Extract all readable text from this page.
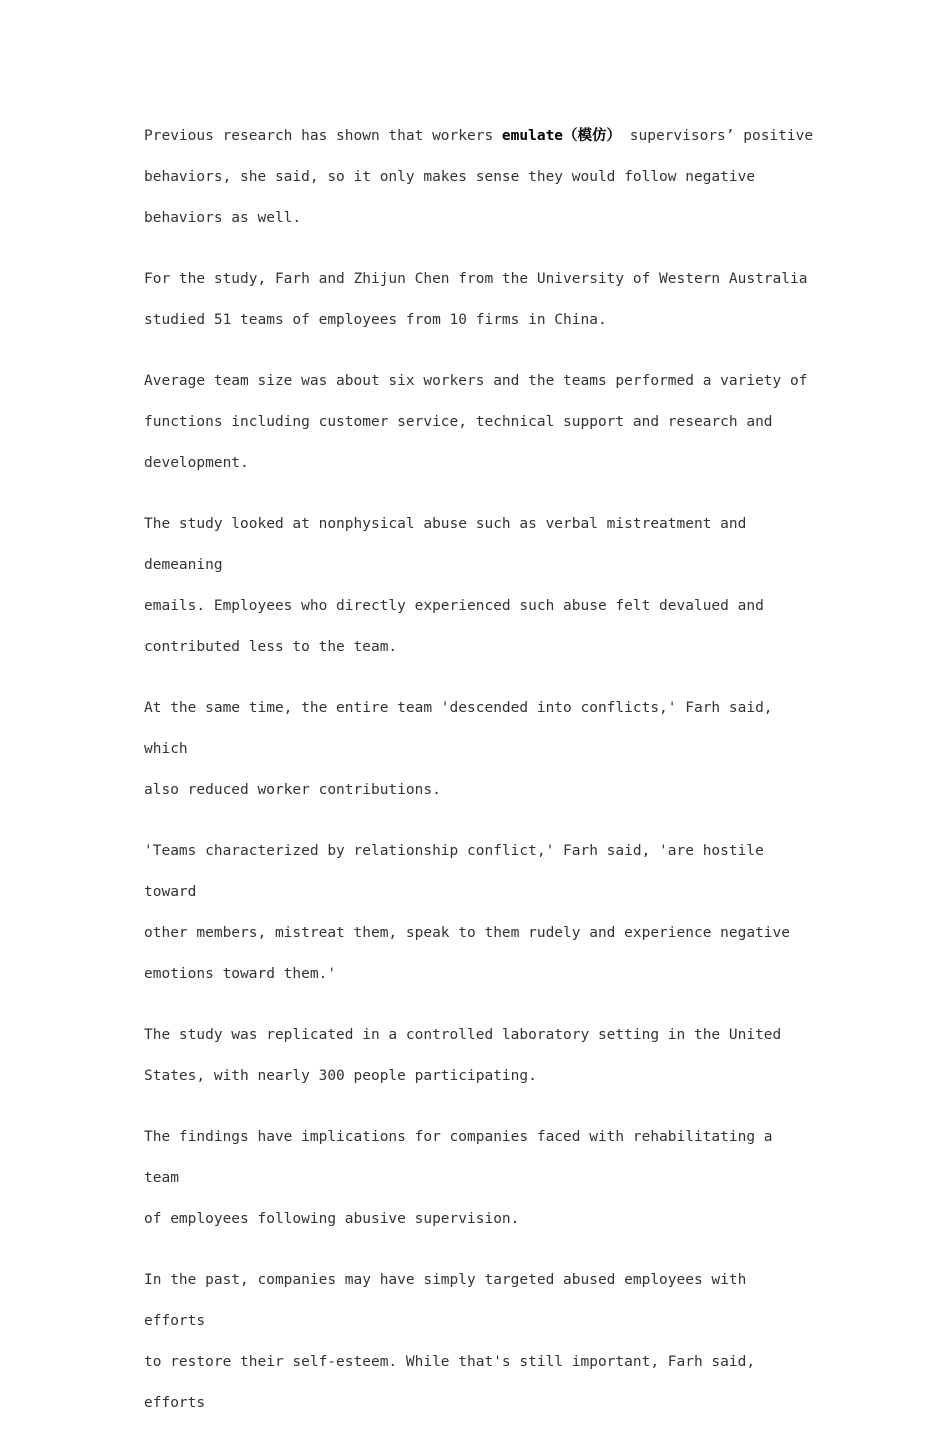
Previous research has shown that workers emulate（模仿） supervisors’ positive
behaviors, she said, so it only makes sense they would follow negative
behaviors as well.

For the study, Farh and Zhijun Chen from the University of Western Australia
studied 51 teams of employees from 10 firms in China.

Average team size was about six workers and the teams performed a variety of
functions including customer service, technical support and research and
development.

The study looked at nonphysical abuse such as verbal mistreatment and demeaning
emails. Employees who directly experienced such abuse felt devalued and
contributed less to the team.

At the same time, the entire team 'descended into conflicts,' Farh said, which
also reduced worker contributions.

'Teams characterized by relationship conflict,' Farh said, 'are hostile toward
other members, mistreat them, speak to them rudely and experience negative
emotions toward them.'

The study was replicated in a controlled laboratory setting in the United
States, with nearly 300 people participating.

The findings have implications for companies faced with rehabilitating a team
of employees following abusive supervision.

In the past, companies may have simply targeted abused employees with efforts
to restore their self-esteem. While that's still important, Farh said, efforts
